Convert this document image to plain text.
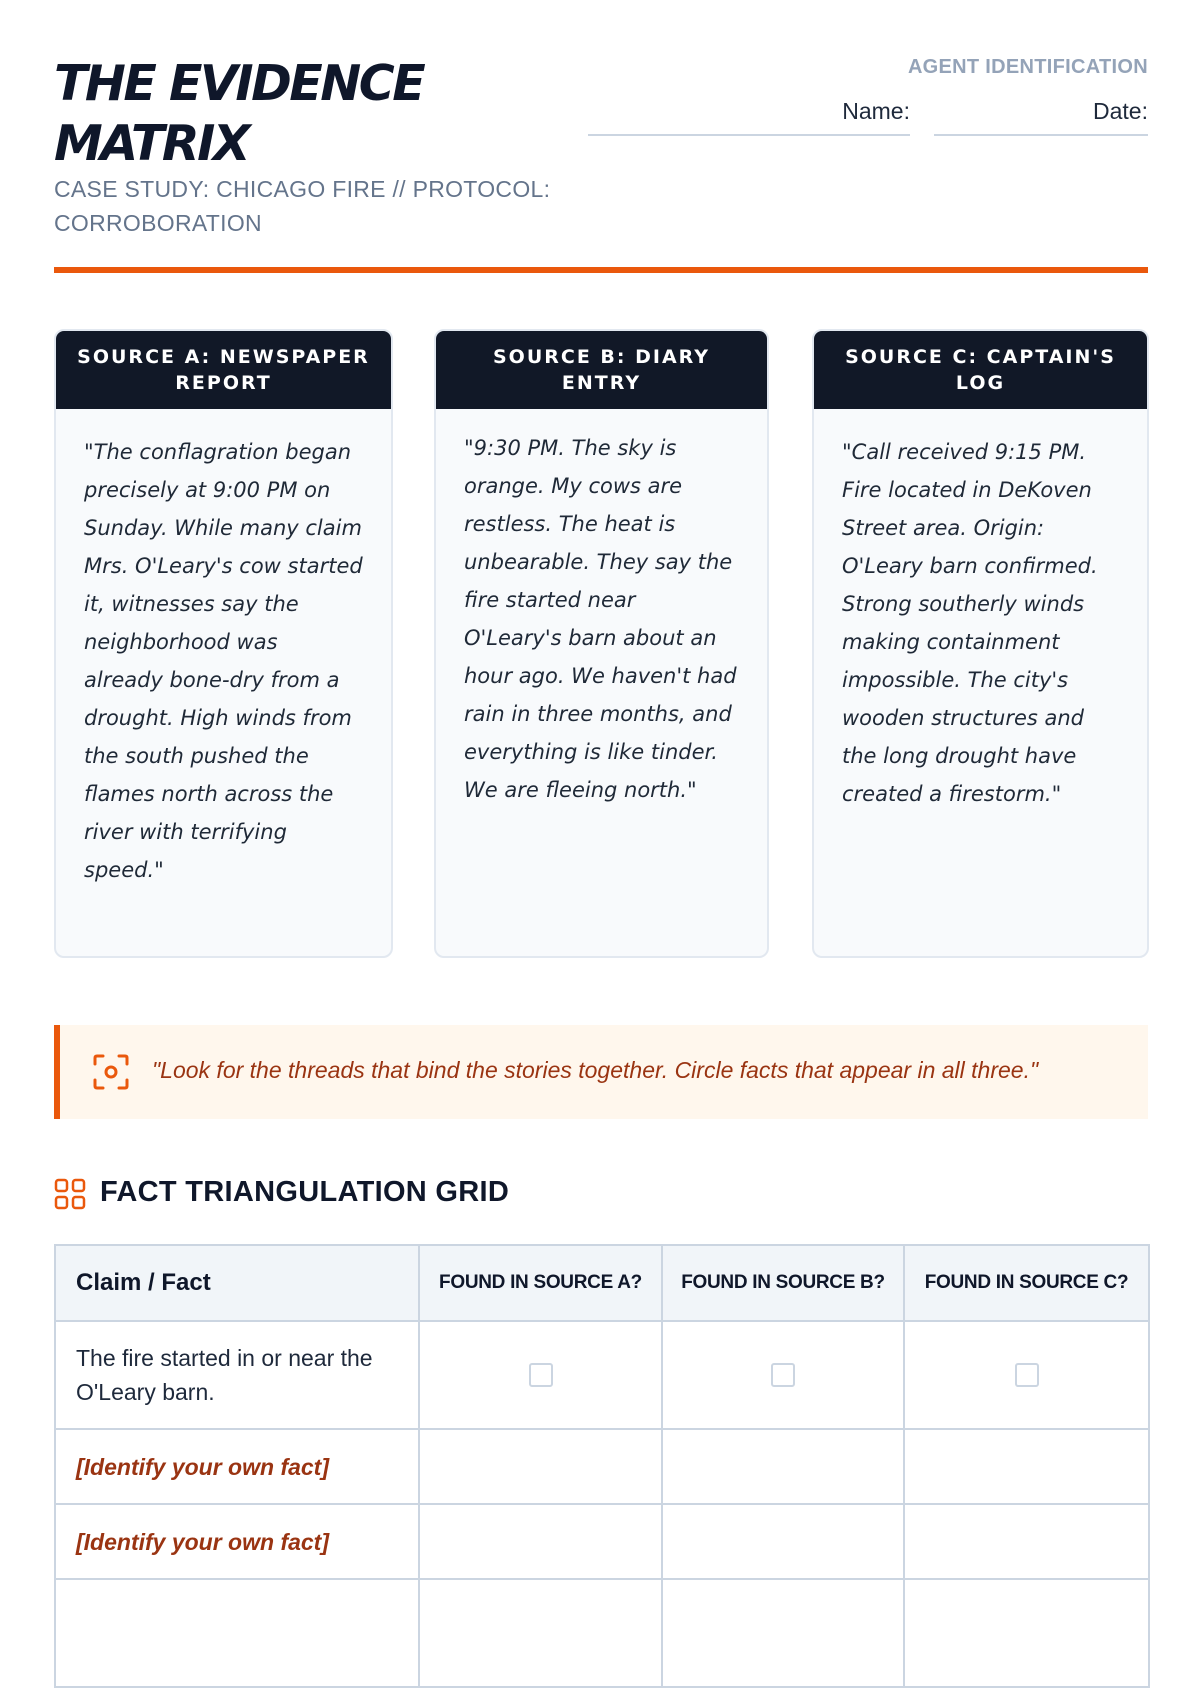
THE EVIDENCE MATRIX
CASE STUDY: CHICAGO FIRE // PROTOCOL: CORROBORATION
AGENT IDENTIFICATION
Name:	Date:
SOURCE A: NEWSPAPER REPORT
"The conflagration began precisely at 9:00 PM on Sunday. While many claim Mrs. O'Leary's cow started it, witnesses say the neighborhood was already bone-dry from a drought. High winds from the south pushed the flames north across the river with terrifying speed."
SOURCE B: DIARY ENTRY
"9:30 PM. The sky is orange. My cows are restless. The heat is unbearable. They say the fire started near O'Leary's barn about an hour ago. We haven't had rain in three months, and everything is like tinder. We are fleeing north."
SOURCE C: CAPTAIN'S LOG
"Call received 9:15 PM. Fire located in DeKoven Street area. Origin: O'Leary barn confirmed. Strong southerly winds making containment impossible. The city's wooden structures and the long drought have created a firestorm."
"Look for the threads that bind the stories together. Circle facts that appear in all three."
FACT TRIANGULATION GRID
Claim / Fact	FOUND IN SOURCE A?	FOUND IN SOURCE B?	FOUND IN SOURCE C?
The fire started in or near the O'Leary barn.			
[Identify your own fact]			
[Identify your own fact]			
